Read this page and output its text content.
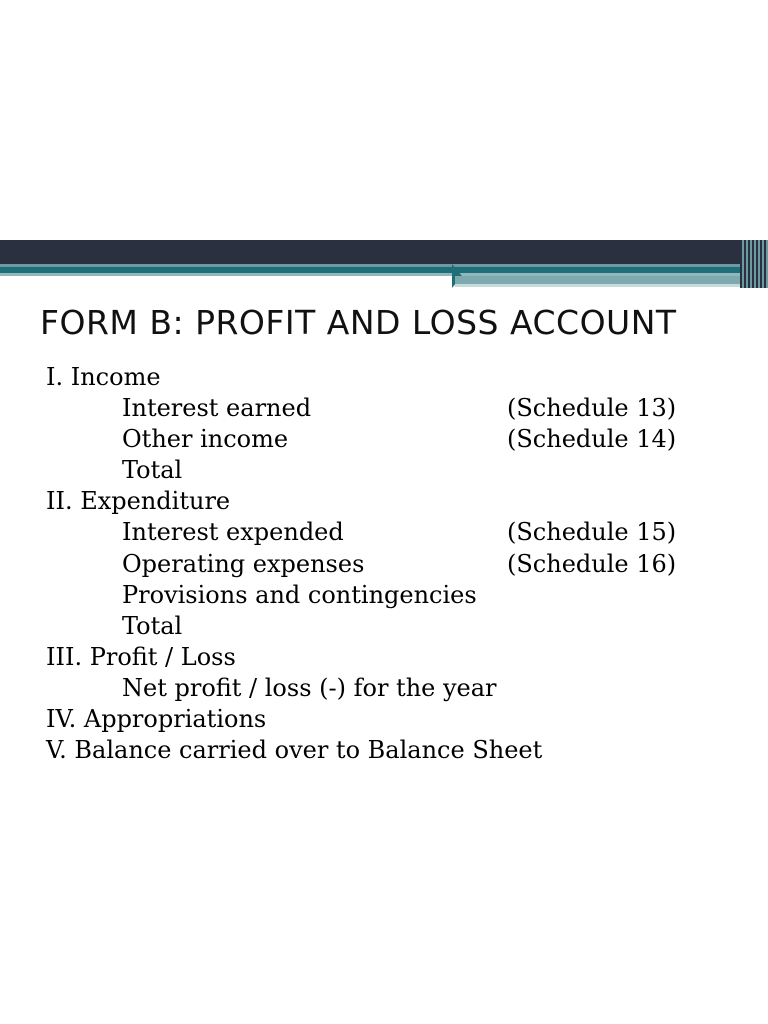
FORM B: PROFIT AND LOSS ACCOUNT
I. Income
Interest earned	(Schedule 13)
Other income	(Schedule 14)
Total
II. Expenditure
Interest expended	(Schedule 15)
Operating expenses	(Schedule 16)
Provisions and contingencies
Total
III. Profit / Loss
Net profit / loss (-) for the year
IV. Appropriations
V. Balance carried over to Balance Sheet
